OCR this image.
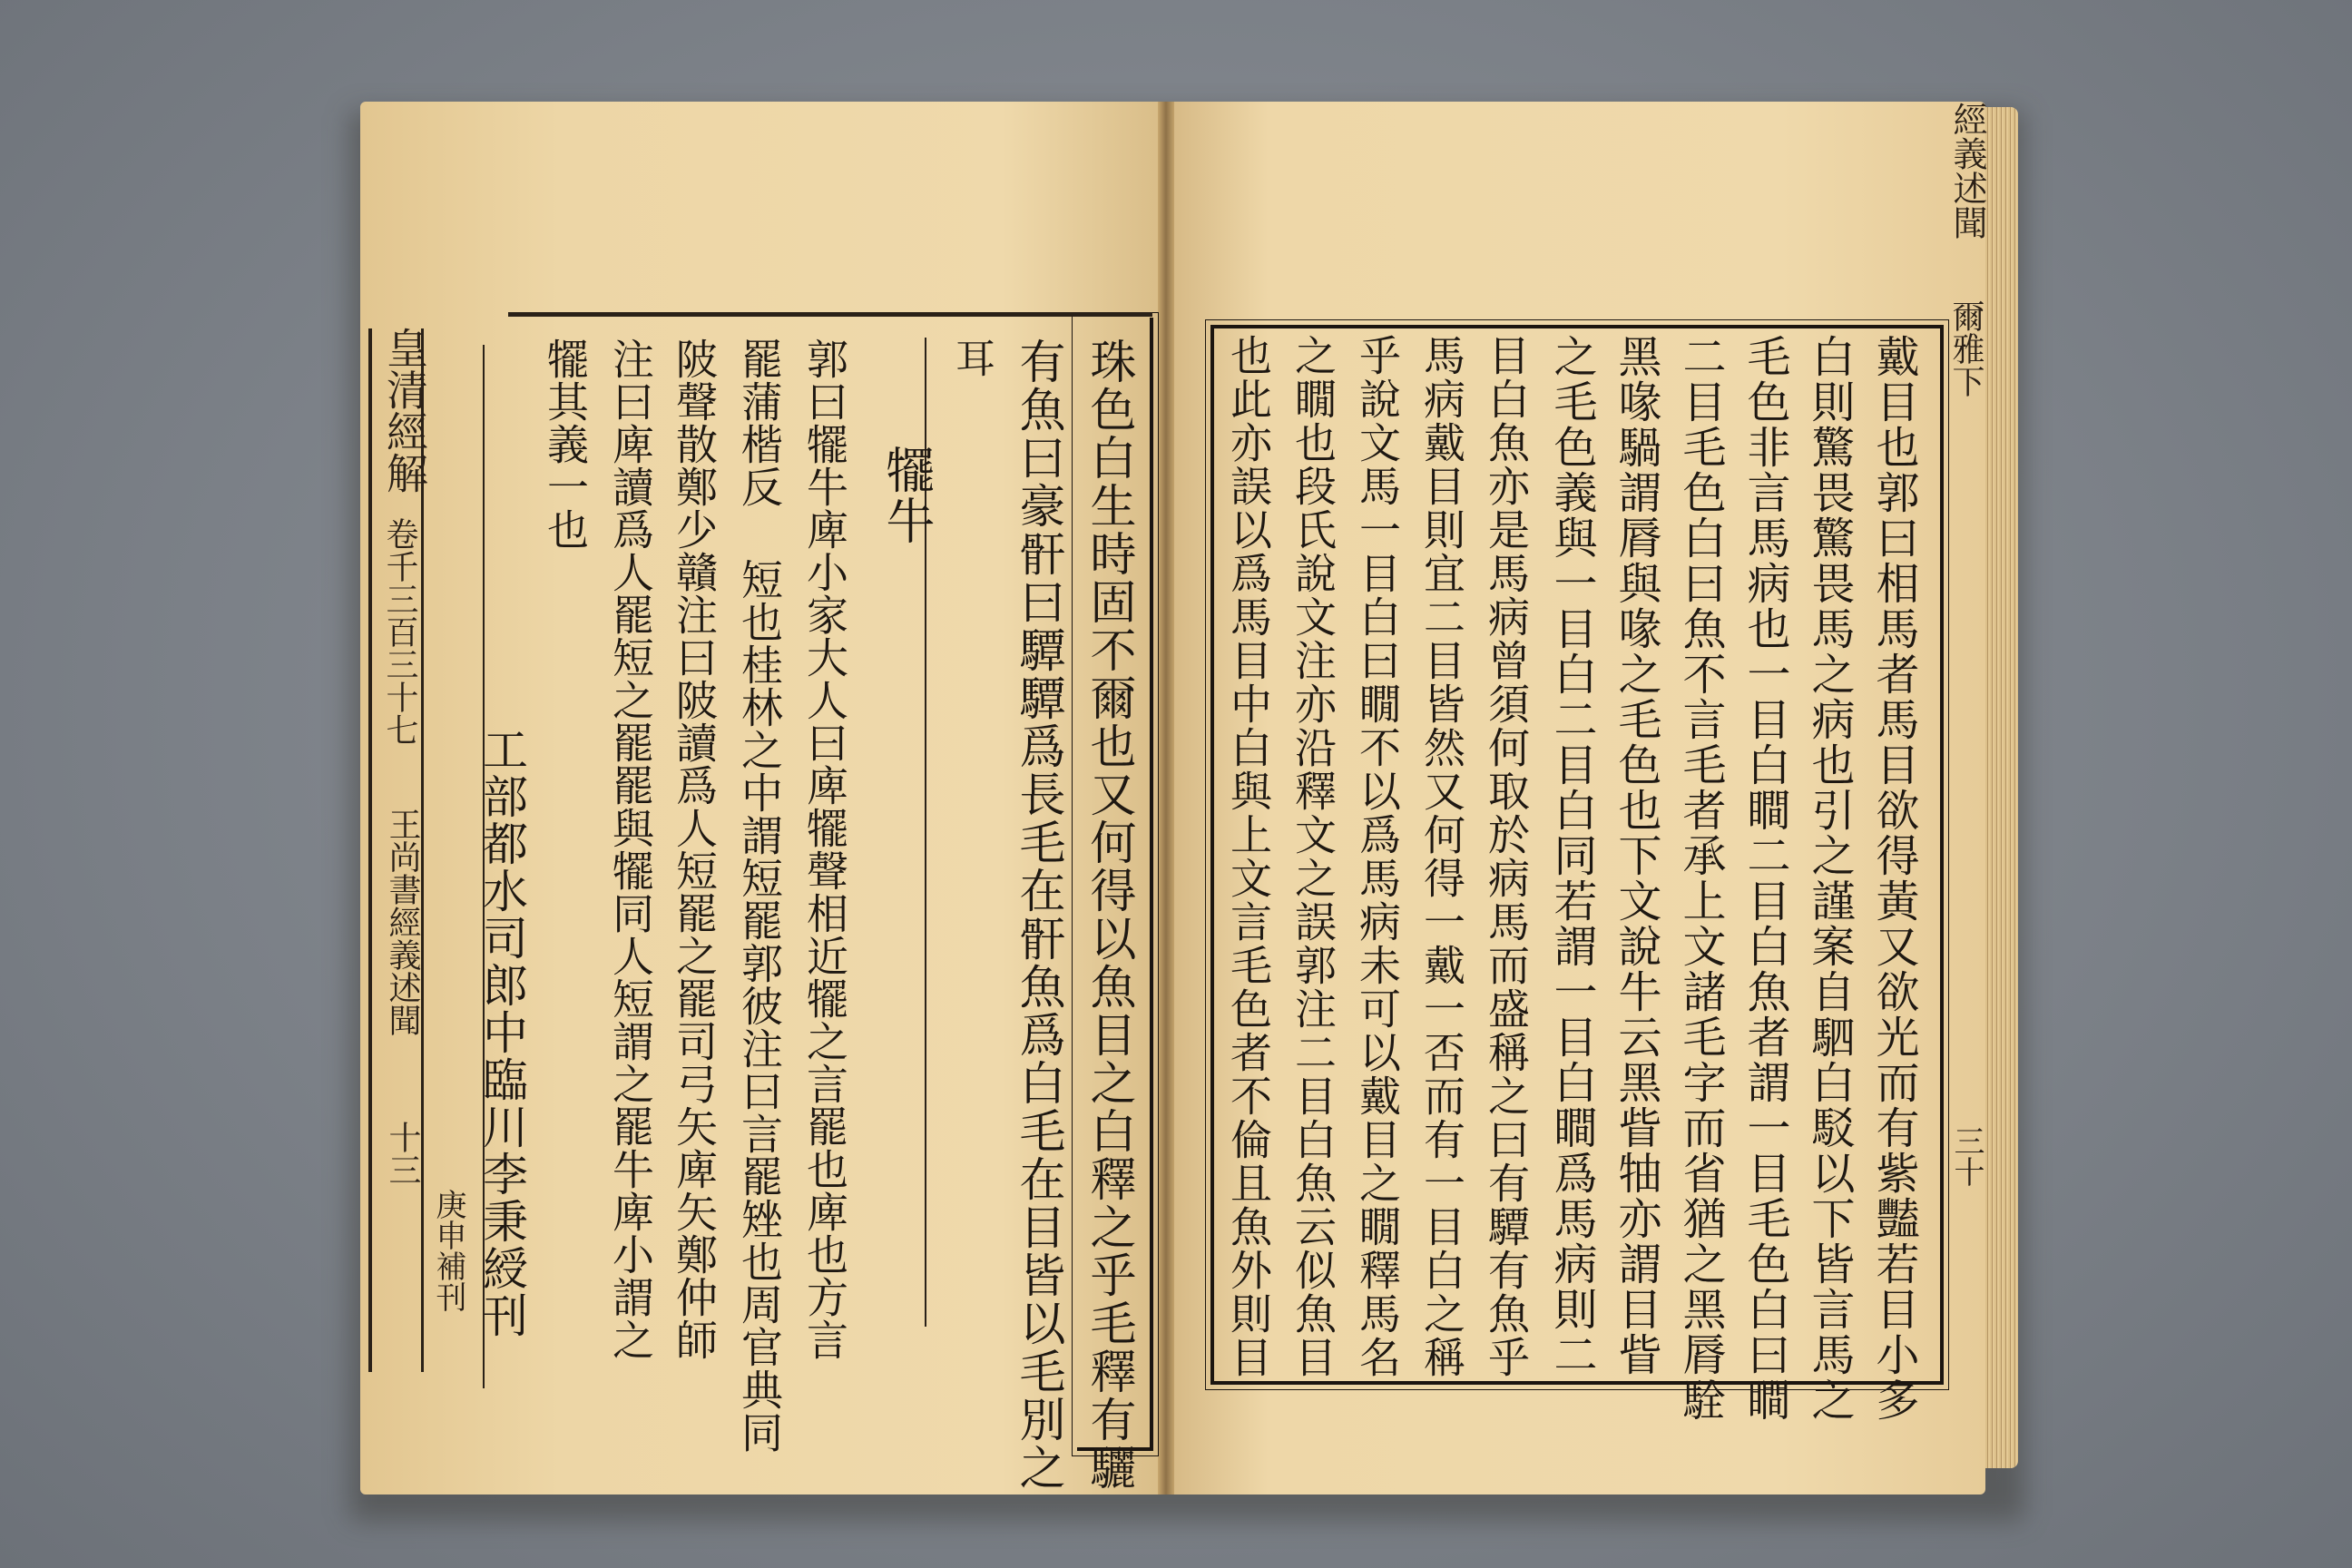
皇清經解
卷千三百三十七
王尚書經義述聞
十三
庚申補刊	珠色白生時固不爾也又何得以魚目之白釋之乎毛釋有驪
有魚曰豪骭曰驔驔爲長毛在骭魚爲白毛在目皆以毛別之
耳
犤牛
郭曰犤牛庳小家大人曰庳犤聲相近犤之言罷也庳也方言
罷蒲楷反 短也桂林之中謂短罷郭彼注曰言罷矬也周官典同
陂聲散鄭少贛注曰陂讀爲人短罷之罷司弓矢庳矢鄭仲師
注曰庳讀爲人罷短之罷罷與犤同人短謂之罷牛庳小謂之
犤其義一也
工部都水司郎中臨川李秉綬刊
經義述聞
爾雅下
三十
戴目也郭曰相馬者馬目欲得黃又欲光而有紫豔若目小多
白則驚畏驚畏馬之病也引之謹案自駟白駁以下皆言馬之
毛色非言馬病也一目白瞷二目白魚者謂一目毛色白曰瞷
二目毛色白曰魚不言毛者承上文諸毛字而省猶之黑脣駩
黑喙騧謂脣與喙之毛色也下文說牛云黑眥牰亦謂目眥
之毛色義與一目白二目白同若謂一目白瞷爲馬病則二
目白魚亦是馬病曾須何取於病馬而盛稱之曰有驔有魚乎
馬病戴目則宜二目皆然又何得一戴一否而有一目白之稱
乎說文馬一目白曰瞯不以爲馬病未可以戴目之瞯釋馬名
之瞯也段氏說文注亦沿釋文之誤郭注二目白魚云似魚目
也此亦誤以爲馬目中白與上文言毛色者不倫且魚外則目
